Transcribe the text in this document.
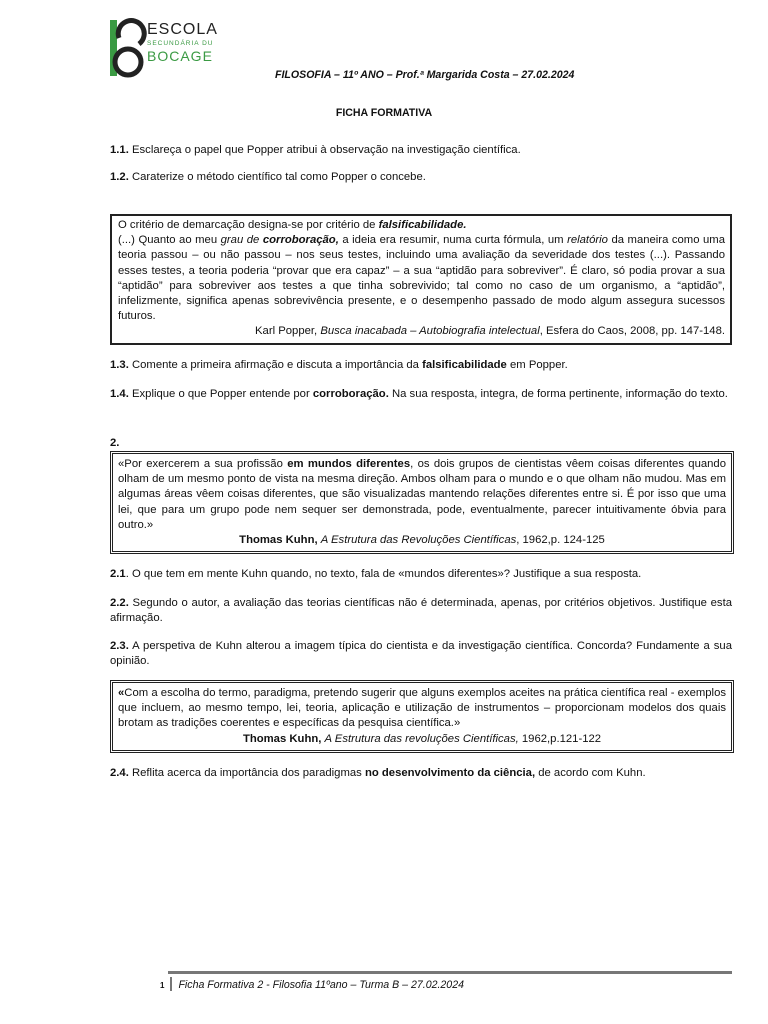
ESCOLA
SECUNDÁRIA DU
BOCAGE
FILOSOFIA – 11º ANO – Prof.ª Margarida Costa – 27.02.2024
FICHA FORMATIVA
1.1. Esclareça o papel que Popper atribui à observação na investigação científica.
1.2. Caraterize o método científico tal como Popper o concebe.
O critério de demarcação designa-se por critério de falsificabilidade.
(...) Quanto ao meu grau de corroboração, a ideia era resumir, numa curta fórmula, um relatório da maneira como uma teoria passou – ou não passou – nos seus testes, incluindo uma avaliação da severidade dos testes (...). Passando esses testes, a teoria poderia “provar que era capaz” – a sua “aptidão para sobreviver”. É claro, só podia provar a sua “aptidão” para sobreviver aos testes a que tinha sobrevivido; tal como no caso de um organismo, a “aptidão”, infelizmente, significa apenas sobrevivência presente, e o desempenho passado de modo algum assegura sucessos futuros.
Karl Popper, Busca inacabada – Autobiografia intelectual, Esfera do Caos, 2008, pp. 147-148.
1.3. Comente a primeira afirmação e discuta a importância da falsificabilidade em Popper.
1.4. Explique o que Popper entende por corroboração. Na sua resposta, integra, de forma pertinente, informação do texto.
2.
«Por exercerem a sua profissão em mundos diferentes, os dois grupos de cientistas vêem coisas diferentes quando olham de um mesmo ponto de vista na mesma direção. Ambos olham para o mundo e o que olham não mudou. Mas em algumas áreas vêem coisas diferentes, que são visualizadas mantendo relações diferentes entre si. É por isso que uma lei, que para um grupo pode nem sequer ser demonstrada, pode, eventualmente, parecer intuitivamente óbvia para outro.»
Thomas Kuhn, A Estrutura das Revoluções Científicas, 1962,p. 124-125
2.1. O que tem em mente Kuhn quando, no texto, fala de «mundos diferentes»? Justifique a sua resposta.
2.2. Segundo o autor, a avaliação das teorias científicas não é determinada, apenas, por critérios objetivos. Justifique esta afirmação.
2.3. A perspetiva de Kuhn alterou a imagem típica do cientista e da investigação científica. Concorda? Fundamente a sua opinião.
«Com a escolha do termo, paradigma, pretendo sugerir que alguns exemplos aceites na prática científica real - exemplos que incluem, ao mesmo tempo, lei, teoria, aplicação e utilização de instrumentos – proporcionam modelos dos quais brotam as tradições coerentes e específicas da pesquisa científica.»
Thomas Kuhn, A Estrutura das revoluções Científicas, 1962,p.121-122
2.4. Reflita acerca da importância dos paradigmas no desenvolvimento da ciência, de acordo com Kuhn.
1 Ficha Formativa 2 - Filosofia 11ºano – Turma B – 27.02.2024
